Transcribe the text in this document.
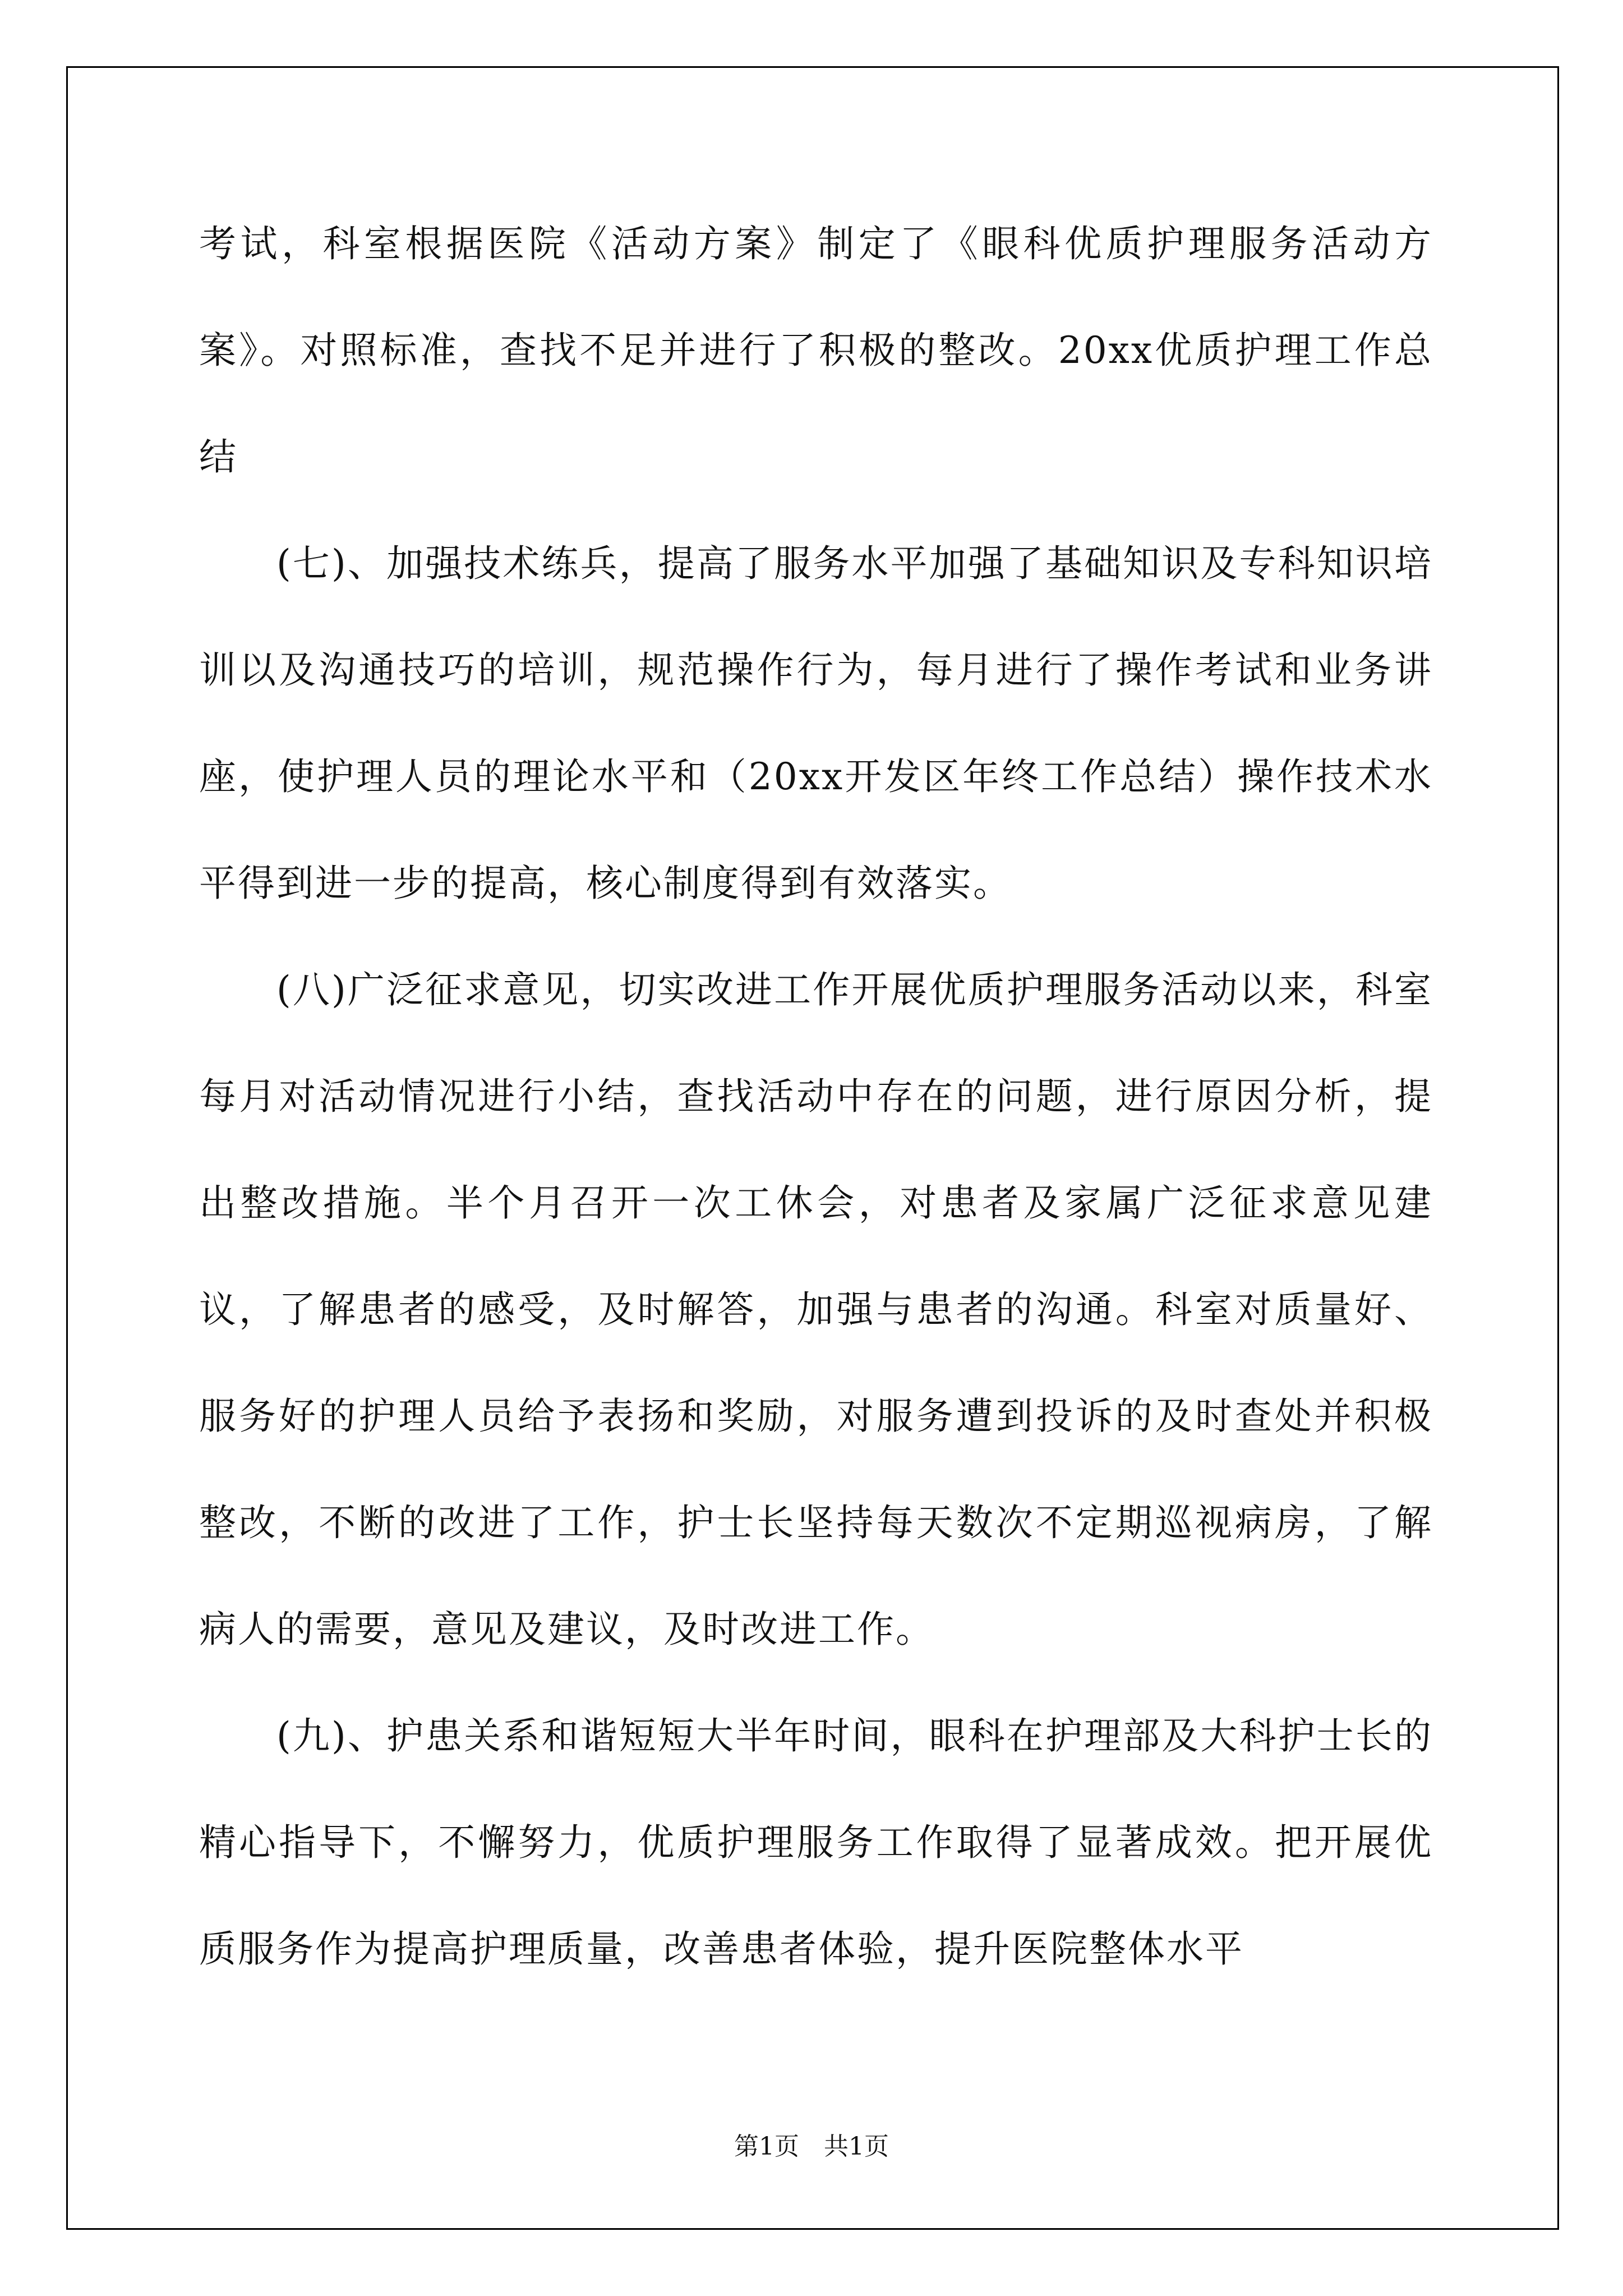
考试，科室根据医院《活动方案》制定了《眼科优质护理服务活动方案》。对照标准，查找不足并进行了积极的整改。20xx优质护理工作总结

(七)、加强技术练兵，提高了服务水平加强了基础知识及专科知识培训以及沟通技巧的培训，规范操作行为，每月进行了操作考试和业务讲座，使护理人员的理论水平和（20xx开发区年终工作总结）操作技术水平得到进一步的提高，核心制度得到有效落实。

(八)广泛征求意见，切实改进工作开展优质护理服务活动以来，科室每月对活动情况进行小结，查找活动中存在的问题，进行原因分析，提出整改措施。半个月召开一次工休会，对患者及家属广泛征求意见建议，了解患者的感受，及时解答，加强与患者的沟通。科室对质量好、服务好的护理人员给予表扬和奖励，对服务遭到投诉的及时查处并积极整改，不断的改进了工作，护士长坚持每天数次不定期巡视病房，了解病人的需要，意见及建议，及时改进工作。

(九)、护患关系和谐短短大半年时间，眼科在护理部及大科护士长的精心指导下，不懈努力，优质护理服务工作取得了显著成效。把开展优质服务作为提高护理质量，改善患者体验，提升医院整体水平

第1页 共1页
